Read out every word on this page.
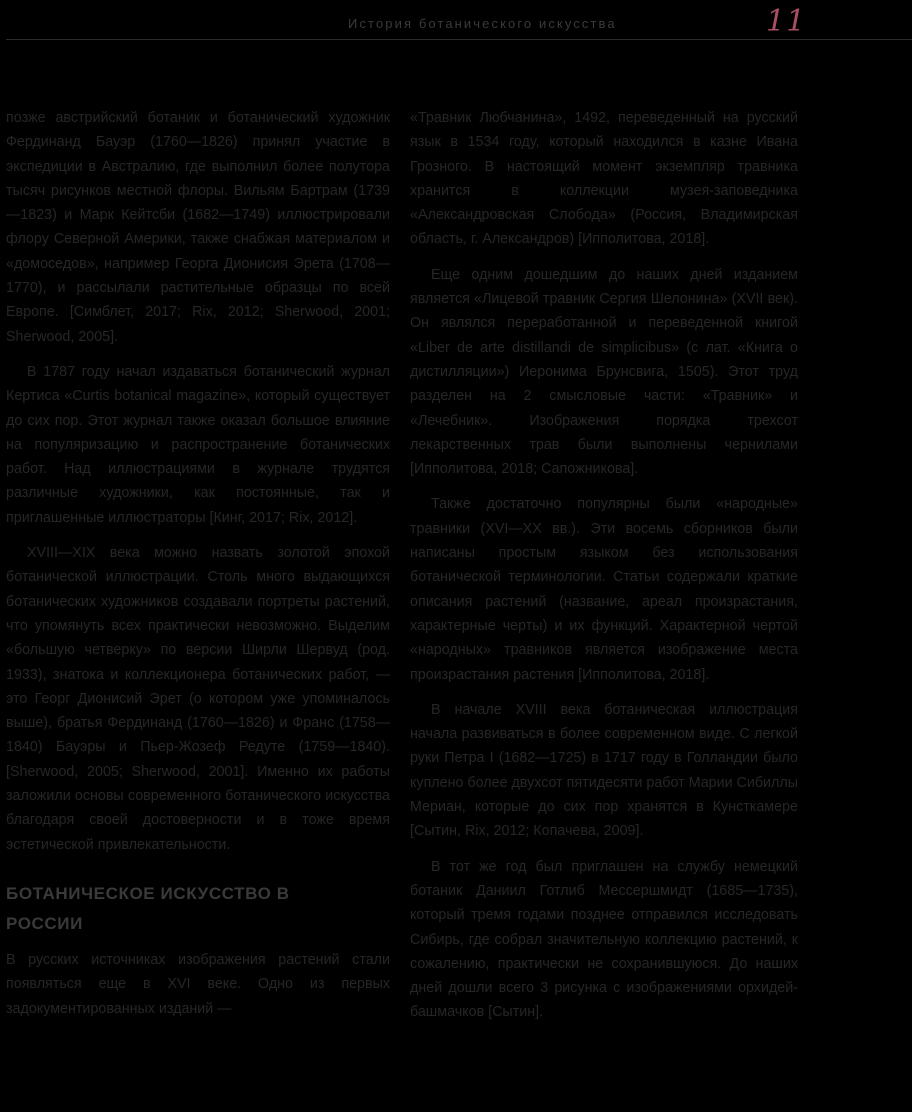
История ботанического искусства	11

позже австрийский ботаник и ботанический художник Фердинанд Бауэр (1760—1826) принял участие в экспедиции в Австралию, где выполнил более полутора тысяч рисунков местной флоры. Вильям Бартрам (1739—1823) и Марк Кейтсби (1682—1749) иллюстрировали флору Северной Америки, также снабжая материалом и «домоседов», например Георга Дионисия Эрета (1708—1770), и рассылали растительные образцы по всей Европе. [Симблет, 2017; Rix, 2012; Sherwood, 2001; Sherwood, 2005].

В 1787 году начал издаваться ботанический журнал Кертиса «Curtis botanical magazine», который существует до сих пор. Этот журнал также оказал большое влияние на популяризацию и распространение ботанических работ. Над иллюстрациями в журнале трудятся различные художники, как постоянные, так и приглашенные иллюстраторы [Кинг, 2017; Rix, 2012].

XVIII—XIX века можно назвать золотой эпохой ботанической иллюстрации. Столь много выдающихся ботанических художников создавали портреты растений, что упомянуть всех практически невозможно. Выделим «большую четверку» по версии Ширли Шервуд (род. 1933), знатока и коллекционера ботанических работ, — это Георг Дионисий Эрет (о котором уже упоминалось выше), братья Фердинанд (1760—1826) и Франс (1758—1840) Бауэры и Пьер-Жозеф Редуте (1759—1840). [Sherwood, 2005; Sherwood, 2001]. Именно их работы заложили основы современного ботанического искусства благодаря своей достоверности и в тоже время эстетической привлекательности.

БОТАНИЧЕСКОЕ ИСКУССТВО В РОССИИ

В русских источниках изображения растений стали появляться еще в XVI веке. Одно из первых задокументированных изданий —

«Травник Любчанина», 1492, переведенный на русский язык в 1534 году, который находился в казне Ивана Грозного. В настоящий момент экземпляр травника хранится в коллекции музея-заповедника «Александровская Слобода» (Россия, Владимирская область, г. Александров) [Ипполитова, 2018].

Еще одним дошедшим до наших дней изданием является «Лицевой травник Сергия Шелонина» (XVII век). Он являлся переработанной и переведенной книгой «Liber de arte distillandi de simplicibus» (с лат. «Книга о дистилляции») Иеронима Брунсвига, 1505). Этот труд разделен на 2 смысловые части: «Травник» и «Лечебник». Изображения порядка трехсот лекарственных трав были выполнены чернилами [Ипполитова, 2018; Сапожникова].

Также достаточно популярны были «народные» травники (XVI—XX вв.). Эти восемь сборников были написаны простым языком без использования ботанической терминологии. Статьи содержали краткие описания растений (название, ареал произрастания, характерные черты) и их функций. Характерной чертой «народных» травников является изображение места произрастания растения [Ипполитова, 2018].

В начале XVIII века ботаническая иллюстрация начала развиваться в более современном виде. С легкой руки Петра I (1682—1725) в 1717 году в Голландии было куплено более двухсот пятидесяти работ Марии Сибиллы Мериан, которые до сих пор хранятся в Кунсткамере [Сытин, Rix, 2012; Копачева, 2009].

В тот же год был приглашен на службу немецкий ботаник Даниил Готлиб Мессершмидт (1685—1735), который тремя годами позднее отправился исследовать Сибирь, где собрал значительную коллекцию растений, к сожалению, практически не сохранившуюся. До наших дней дошли всего 3 рисунка с изображениями орхидей-башмачков [Сытин].
